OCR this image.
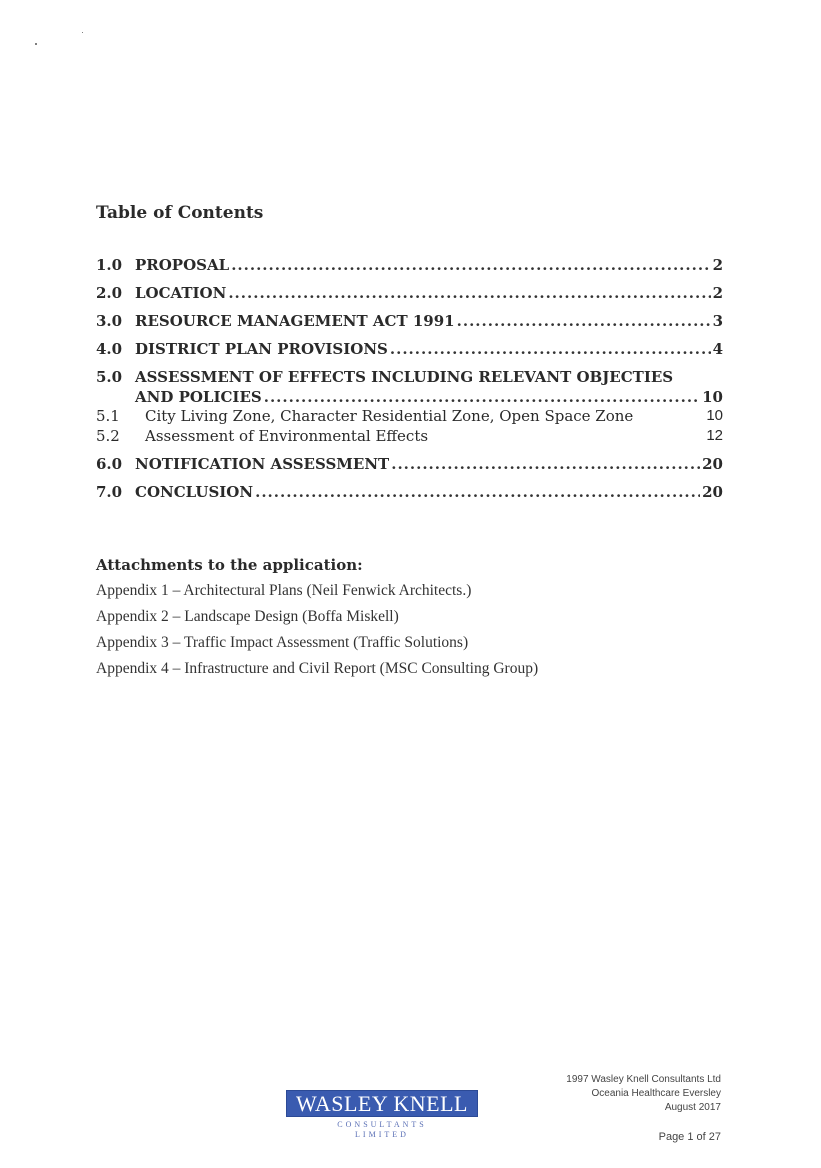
Table of Contents
1.0 PROPOSAL .....	2
2.0 LOCATION .....	2
3.0 RESOURCE MANAGEMENT ACT 1991 .....	3
4.0 DISTRICT PLAN PROVISIONS .....	4
5.0 ASSESSMENT OF EFFECTS INCLUDING RELEVANT OBJECTIES
AND POLICIES .....	10
5.1	City Living Zone, Character Residential Zone, Open Space Zone	10
5.2	Assessment of Environmental Effects	12
6.0 NOTIFICATION ASSESSMENT .....	20
7.0 CONCLUSION .....	20
Attachments to the application:
Appendix 1 – Architectural Plans (Neil Fenwick Architects.)
Appendix 2 – Landscape Design (Boffa Miskell)
Appendix 3 – Traffic Impact Assessment (Traffic Solutions)
Appendix 4 – Infrastructure and Civil Report (MSC Consulting Group)
WASLEY KNELL
CONSULTANTS
LIMITED
1997 Wasley Knell Consultants Ltd
Oceania Healthcare Eversley
August 2017
Page 1 of 27
